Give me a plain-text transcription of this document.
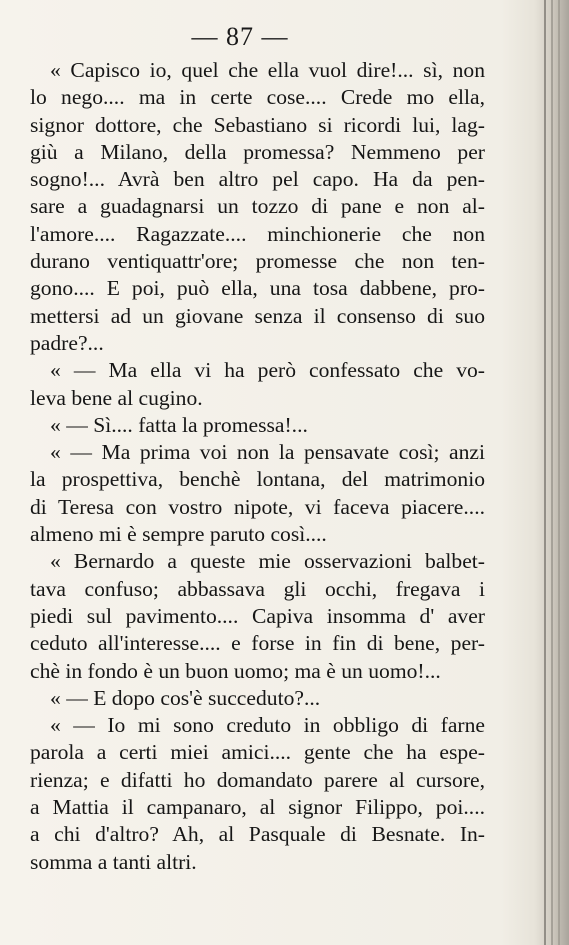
— 87 —
« Capisco io, quel che ella vuol dire!... sì, non
lo nego.... ma in certe cose.... Crede mo ella,
signor dottore, che Sebastiano si ricordi lui, lag-
giù a Milano, della promessa? Nemmeno per
sogno!... Avrà ben altro pel capo. Ha da pen-
sare a guadagnarsi un tozzo di pane e non al-
l'amore.... Ragazzate.... minchionerie che non
durano ventiquattr'ore; promesse che non ten-
gono.... E poi, può ella, una tosa dabbene, pro-
mettersi ad un giovane senza il consenso di suo
padre?...
« — Ma ella vi ha però confessato che vo-
leva bene al cugino.
« — Sì.... fatta la promessa!...
« — Ma prima voi non la pensavate così; anzi
la prospettiva, benchè lontana, del matrimonio
di Teresa con vostro nipote, vi faceva piacere....
almeno mi è sempre paruto così....
« Bernardo a queste mie osservazioni balbet-
tava confuso; abbassava gli occhi, fregava i
piedi sul pavimento.... Capiva insomma d' aver
ceduto all'interesse.... e forse in fin di bene, per-
chè in fondo è un buon uomo; ma è un uomo!...
« — E dopo cos'è succeduto?...
« — Io mi sono creduto in obbligo di farne
parola a certi miei amici.... gente che ha espe-
rienza; e difatti ho domandato parere al cursore,
a Mattia il campanaro, al signor Filippo, poi....
a chi d'altro? Ah, al Pasquale di Besnate. In-
somma a tanti altri.
